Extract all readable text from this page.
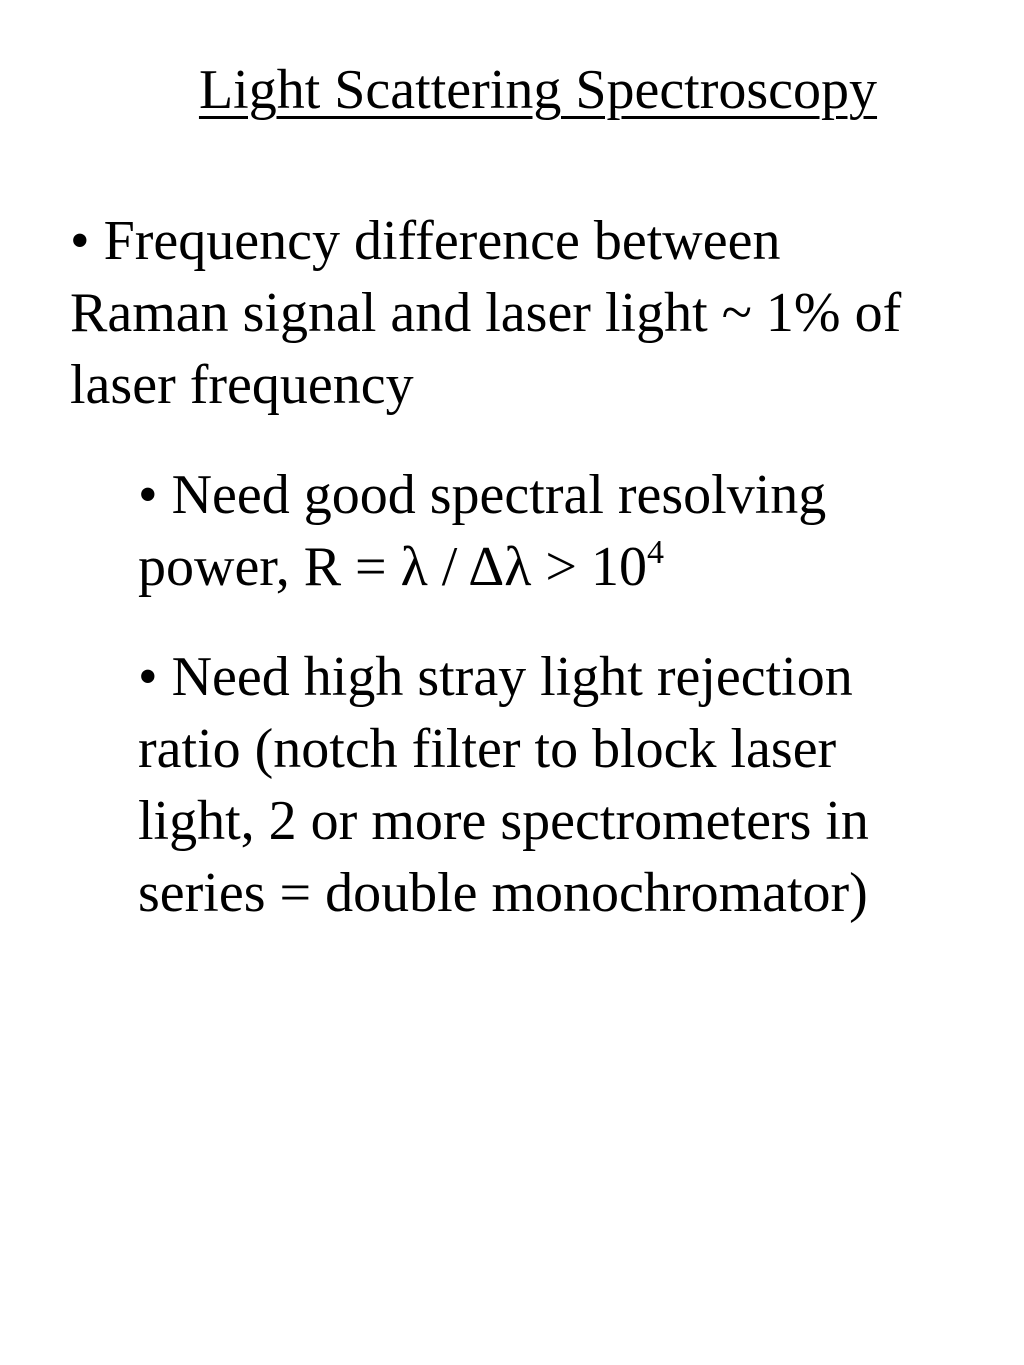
Light Scattering Spectroscopy

• Frequency difference between
Raman signal and laser light ~ 1% of
laser frequency

• Need good spectral resolving
power, $R = \lambda / \Delta\lambda > 10^4$

• Need high stray light rejection
ratio (notch filter to block laser
light, 2 or more spectrometers in
series = double monochromator)
